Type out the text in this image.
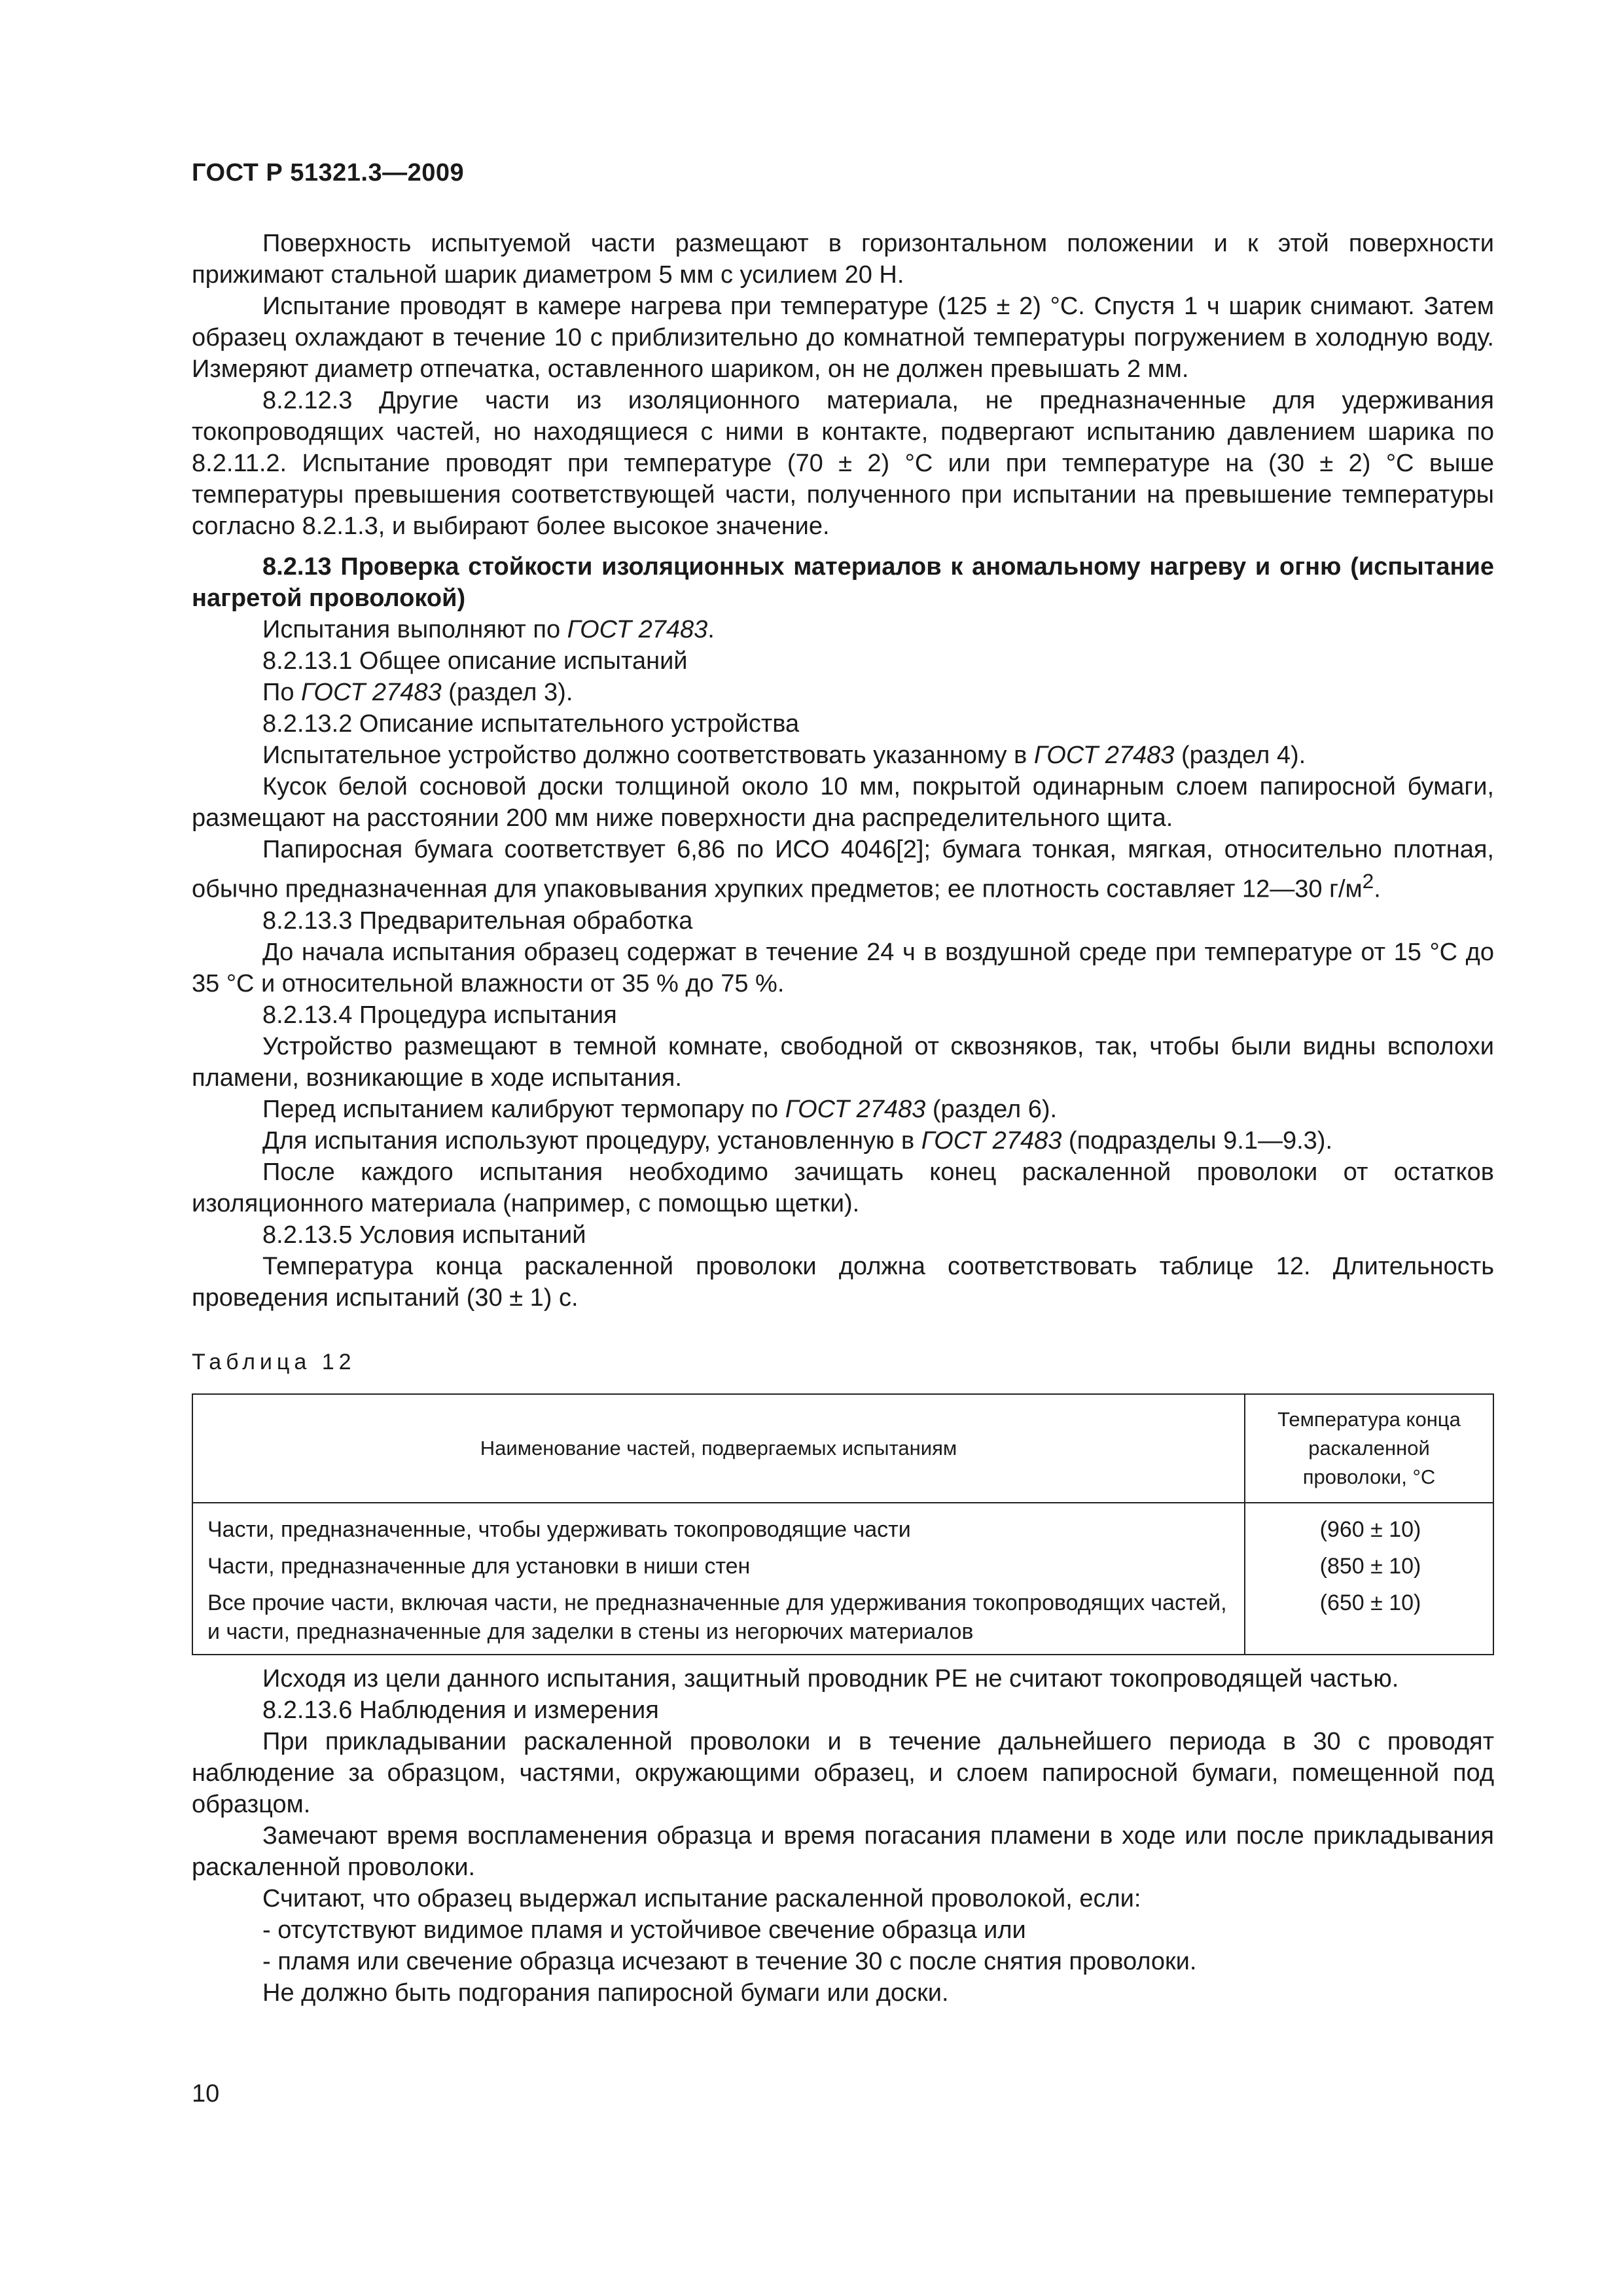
ГОСТ Р 51321.3—2009

Поверхность испытуемой части размещают в горизонтальном положении и к этой поверхности прижимают стальной шарик диаметром 5 мм с усилием 20 Н.

Испытание проводят в камере нагрева при температуре (125 ± 2) °С. Спустя 1 ч шарик снимают. Затем образец охлаждают в течение 10 с приблизительно до комнатной температуры погружением в холодную воду. Измеряют диаметр отпечатка, оставленного шариком, он не должен превышать 2 мм.

8.2.12.3 Другие части из изоляционного материала, не предназначенные для удерживания токопроводящих частей, но находящиеся с ними в контакте, подвергают испытанию давлением шарика по 8.2.11.2. Испытание проводят при температуре (70 ± 2) °С или при температуре на (30 ± 2) °С выше температуры превышения соответствующей части, полученного при испытании на превышение температуры согласно 8.2.1.3, и выбирают более высокое значение.

8.2.13 Проверка стойкости изоляционных материалов к аномальному нагреву и огню (испытание нагретой проволокой)

Испытания выполняют по ГОСТ 27483.

8.2.13.1 Общее описание испытаний

По ГОСТ 27483 (раздел 3).

8.2.13.2 Описание испытательного устройства

Испытательное устройство должно соответствовать указанному в ГОСТ 27483 (раздел 4).

Кусок белой сосновой доски толщиной около 10 мм, покрытой одинарным слоем папиросной бумаги, размещают на расстоянии 200 мм ниже поверхности дна распределительного щита.

Папиросная бумага соответствует 6,86 по ИСО 4046[2]; бумага тонкая, мягкая, относительно плотная, обычно предназначенная для упаковывания хрупких предметов; ее плотность составляет 12—30 $г/м^2$.

8.2.13.3 Предварительная обработка

До начала испытания образец содержат в течение 24 ч в воздушной среде при температуре от 15 °С до 35 °С и относительной влажности от 35 % до 75 %.

8.2.13.4 Процедура испытания

Устройство размещают в темной комнате, свободной от сквозняков, так, чтобы были видны всполохи пламени, возникающие в ходе испытания.

Перед испытанием калибруют термопару по ГОСТ 27483 (раздел 6).

Для испытания используют процедуру, установленную в ГОСТ 27483 (подразделы 9.1—9.3).

После каждого испытания необходимо зачищать конец раскаленной проволоки от остатков изоляционного материала (например, с помощью щетки).

8.2.13.5 Условия испытаний

Температура конца раскаленной проволоки должна соответствовать таблице 12. Длительность проведения испытаний (30 ± 1) с.

Таблица 12

Наименование частей, подвергаемых испытаниям	Температура конца раскаленной проволоки, °С
Части, предназначенные, чтобы удерживать токопроводящие части	(960 ± 10)
Части, предназначенные для установки в ниши стен	(850 ± 10)
Все прочие части, включая части, не предназначенные для удерживания токопроводящих частей, и части, предназначенные для заделки в стены из негорючих материалов	(650 ± 10)

Исходя из цели данного испытания, защитный проводник РЕ не считают токопроводящей частью.

8.2.13.6 Наблюдения и измерения

При прикладывании раскаленной проволоки и в течение дальнейшего периода в 30 с проводят наблюдение за образцом, частями, окружающими образец, и слоем папиросной бумаги, помещенной под образцом.

Замечают время воспламенения образца и время погасания пламени в ходе или после прикладывания раскаленной проволоки.

Считают, что образец выдержал испытание раскаленной проволокой, если:

- отсутствуют видимое пламя и устойчивое свечение образца или

- пламя или свечение образца исчезают в течение 30 с после снятия проволоки.

Не должно быть подгорания папиросной бумаги или доски.

10
